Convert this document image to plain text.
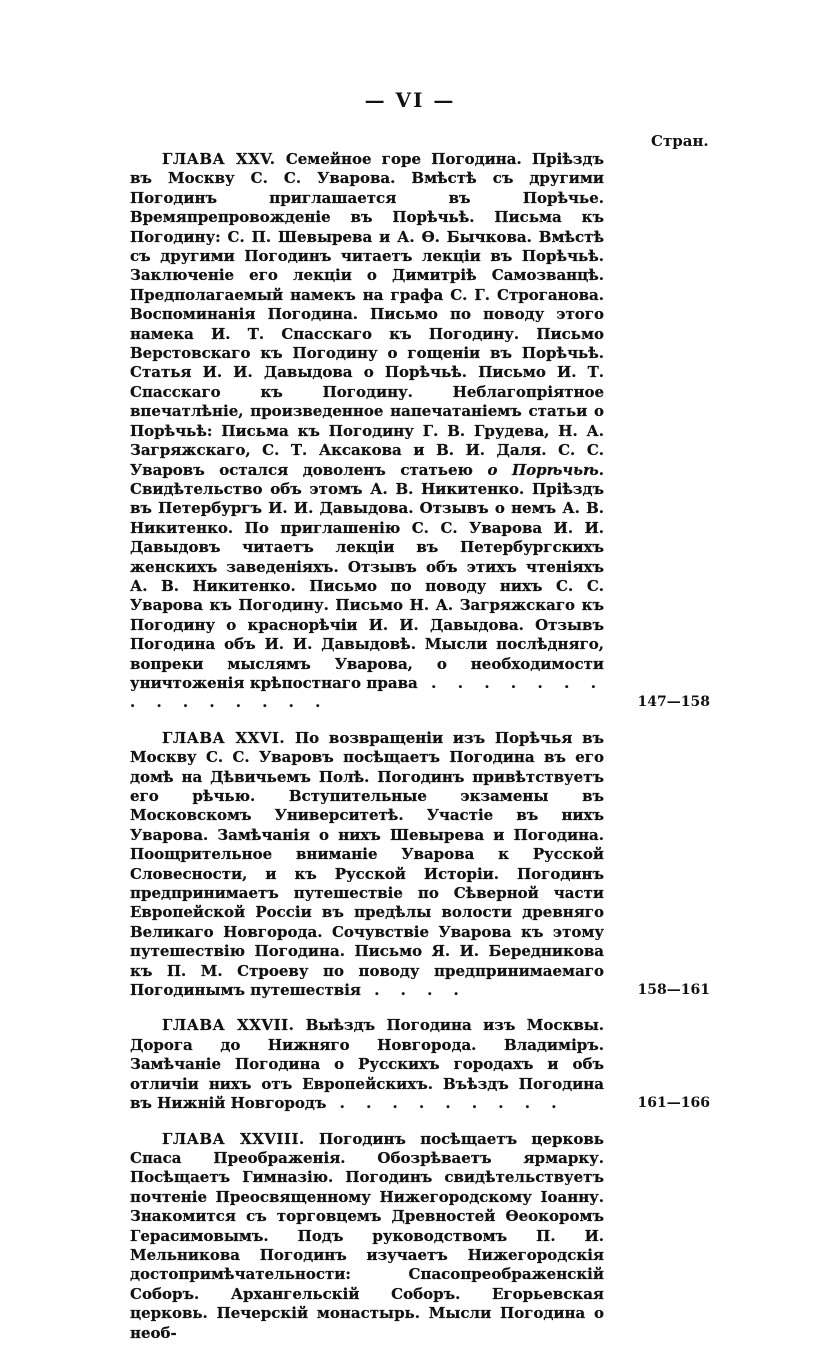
— VI —
Стран.
ГЛАВА XXV. Семейное горе Погодина. Пріѣздъ въ Москву С. С. Уварова. Вмѣстѣ съ другими Погодинъ приглашается въ Порѣчье. Времяпрепровожденіе въ Порѣчьѣ. Письма къ Погодину: С. П. Шевырева и А. Ѳ. Бычкова. Вмѣстѣ съ другими Погодинъ читаетъ лекціи въ Порѣчьѣ. Заключеніе его лекціи о Димитріѣ Самозванцѣ. Предполагаемый намекъ на графа С. Г. Строганова. Воспоминанія Погодина. Письмо по поводу этого намека И. Т. Спасскаго къ Погодину. Письмо Верстовскаго къ Погодину о гощеніи въ Порѣчьѣ. Статья И. И. Давыдова о Порѣчьѣ. Письмо И. Т. Спасскаго къ Погодину. Неблагопріятное впечатлѣніе, произведенное напечатаніемъ статьи о Порѣчьѣ: Письма къ Погодину Г. В. Грудева, Н. А. Загряжскаго, С. Т. Аксакова и В. И. Даля. С. С. Уваровъ остался доволенъ статьею о Порѣчьѣ. Свидѣтельство объ этомъ А. В. Никитенко. Пріѣздъ въ Петербургъ И. И. Давыдова. Отзывъ о немъ А. В. Никитенко. По приглашенію С. С. Уварова И. И. Давыдовъ читаетъ лекціи въ Петербургскихъ женскихъ заведеніяхъ. Отзывъ объ этихъ чтеніяхъ А. В. Никитенко. Письмо по поводу нихъ С. С. Уварова къ Погодину. Письмо Н. А. Загряжскаго къ Погодину о краснорѣчіи И. И. Давыдова. Отзывъ Погодина объ И. И. Давыдовѣ. Мысли послѣдняго, вопреки мыслямъ Уварова, о необходимости уничтоженія крѣпостнаго права . . . . . . . . . . . . . . .	147—158
ГЛАВА XXVI. По возвращеніи изъ Порѣчья въ Москву С. С. Уваровъ посѣщаетъ Погодина въ его домѣ на Дѣвичьемъ Полѣ. Погодинъ привѣтствуетъ его рѣчью. Вступительные экзамены въ Московскомъ Университетѣ. Участіе въ нихъ Уварова. Замѣчанія о нихъ Шевырева и Погодина. Поощрительное вниманіе Уварова к Русской Словесности, и къ Русской Исторіи. Погодинъ предпринимаетъ путешествіе по Сѣверной части Европейской Россіи въ предѣлы волости древняго Великаго Новгорода. Сочувствіе Уварова къ этому путешествію Погодина. Письмо Я. И. Бередникова къ П. М. Строеву по поводу предпринимаемаго Погодинымъ путешествія . . . .	158—161
ГЛАВА XXVII. Выѣздъ Погодина изъ Москвы. Дорога до Нижняго Новгорода. Владиміръ. Замѣчаніе Погодина о Русскихъ городахъ и объ отличіи нихъ отъ Европейскихъ. Въѣздъ Погодина въ Нижній Новгородъ . . . . . . . . .	161—166
ГЛАВА XXVIII. Погодинъ посѣщаетъ церковь Спаса Преображенія. Обозрѣваетъ ярмарку. Посѣщаетъ Гимназію. Погодинъ свидѣтельствуетъ почтеніе Преосвященному Нижегородскому Іоанну. Знакомится съ торговцемъ Древностей Ѳеокоромъ Герасимовымъ. Подъ руководствомъ П. И. Мельникова Погодинъ изучаетъ Нижегородскія достопримѣчательности: Спасопреображенскій Соборъ. Архангельскій Соборъ. Егорьевская церковь. Печерскій монастырь. Мысли Погодина о необ-
